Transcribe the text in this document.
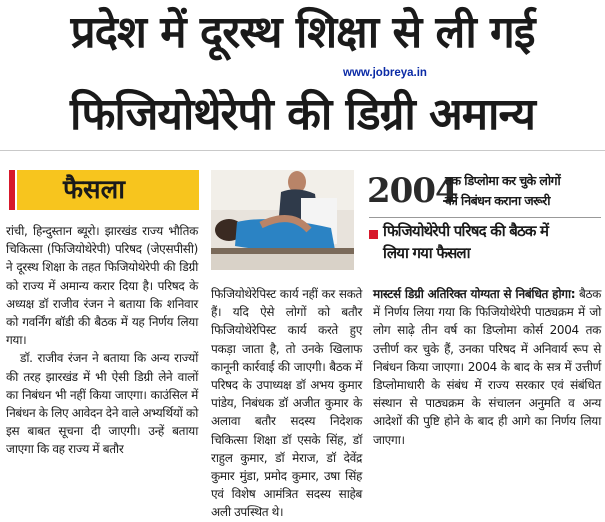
प्रदेश में दूरस्थ शिक्षा से ली गई
www.jobreya.in
फिजियोथेरेपी की डिग्री अमान्य
फैसला	2004
तक डिप्लोमा कर चुके लोगों
को निबंधन कराना जरूरी
फिजियोथेरेपी परिषद की बैठक में
लिया गया फैसला

रांची, हिन्दुस्तान ब्यूरो। झारखंड राज्य भौतिक चिकित्सा (फिजियोथेरेपी) परिषद (जेएसपीसी) ने दूरस्थ शिक्षा के तहत फिजियोथेरेपी की डिग्री को राज्य में अमान्य करार दिया है। परिषद के अध्यक्ष डॉ राजीव रंजन ने बताया कि शनिवार को गवर्निंग बॉडी की बैठक में यह निर्णय लिया गया।

डॉ. राजीव रंजन ने बताया कि अन्य राज्यों की तरह झारखंड में भी ऐसी डिग्री लेने वालों का निबंधन भी नहीं किया जाएगा। काउंसिल में निबंधन के लिए आवेदन देने वाले अभ्यर्थियों को इस बाबत सूचना दी जाएगी। उन्हें बताया जाएगा कि वह राज्य में बतौर

फिजियोथेरेपिस्ट कार्य नहीं कर सकते हैं। यदि ऐसे लोगों को बतौर फिजियोथेरेपिस्ट कार्य करते हुए पकड़ा जाता है, तो उनके खिलाफ कानूनी कार्रवाई की जाएगी। बैठक में परिषद के उपाध्यक्ष डॉ अभय कुमार पांडेय, निबंधक डॉ अजीत कुमार के अलावा बतौर सदस्य निदेशक चिकित्सा शिक्षा डॉ एसके सिंह, डॉ राहुल कुमार, डॉ मेराज, डॉ देवेंद्र कुमार मुंडा, प्रमोद कुमार, उषा सिंह एवं विशेष आमंत्रित सदस्य साहेब अली उपस्थित थे।

मास्टर्स डिग्री अतिरिक्त योग्यता से निबंधित होगा: बैठक में निर्णय लिया गया कि फिजियोथेरेपी पाठ्यक्रम में जो लोग साढ़े तीन वर्ष का डिप्लोमा कोर्स 2004 तक उत्तीर्ण कर चुके हैं, उनका परिषद में अनिवार्य रूप से निबंधन किया जाएगा। 2004 के बाद के सत्र में उत्तीर्ण डिप्लोमाधारी के संबंध में राज्य सरकार एवं संबंधित संस्थान से पाठ्यक्रम के संचालन अनुमति व अन्य आदेशों की पुष्टि होने के बाद ही आगे का निर्णय लिया जाएगा।
